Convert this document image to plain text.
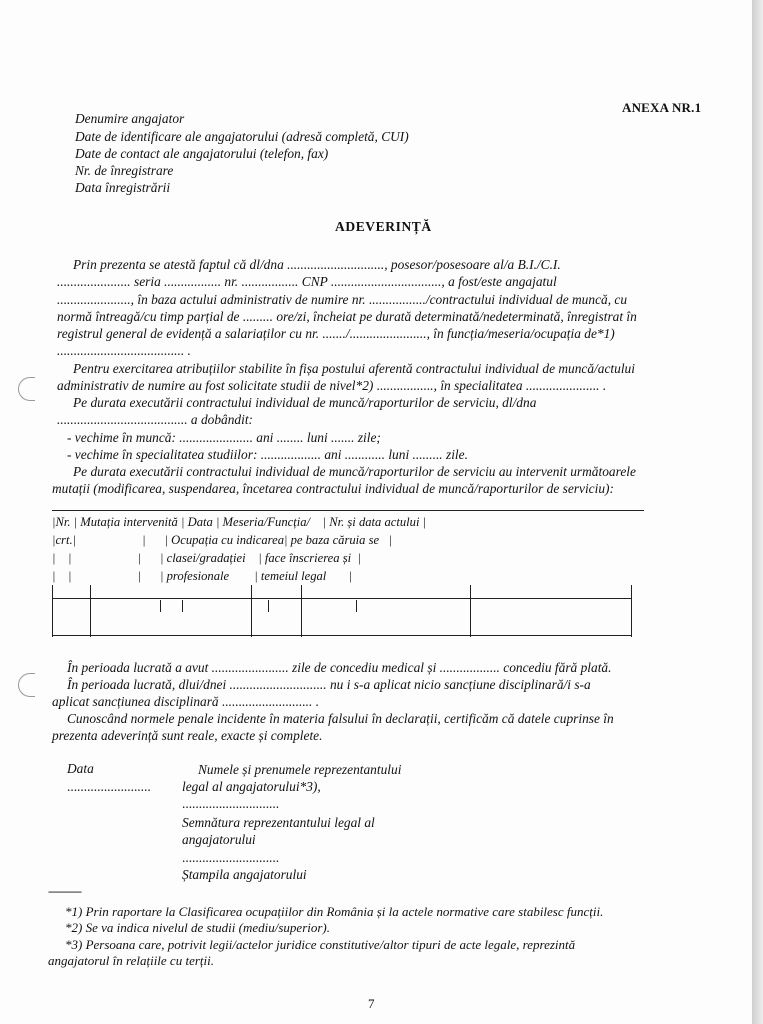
ANEXA NR.1
Denumire angajator
Date de identificare ale angajatorului (adresă completă, CUI)
Date de contact ale angajatorului (telefon, fax)
Nr. de înregistrare
Data înregistrării
ADEVERINȚĂ
Prin prezenta se atestă faptul că dl/dna ............................., posesor/posesoare al/a B.I./C.I.
...................... seria ................. nr. ................. CNP ................................., a fost/este angajatul
......................, în baza actului administrativ de numire nr. ................./contractului individual de muncă, cu
normă întreagă/cu timp parțial de ......... ore/zi, încheiat pe durată determinată/nedeterminată, înregistrat în
registrul general de evidență a salariaților cu nr. ......./......................., în funcția/meseria/ocupația de*1)
...................................... .
Pentru exercitarea atribuțiilor stabilite în fișa postului aferentă contractului individual de muncă/actului
administrativ de numire au fost solicitate studii de nivel*2) ................., în specialitatea ...................... .
Pe durata executării contractului individual de muncă/raporturilor de serviciu, dl/dna
....................................... a dobândit:
- vechime în muncă: ...................... ani ........ luni ....... zile;
- vechime în specialitatea studiilor: .................. ani ............ luni ......... zile.
Pe durata executării contractului individual de muncă/raporturilor de serviciu au intervenit următoarele
mutații (modificarea, suspendarea, încetarea contractului individual de muncă/raporturilor de serviciu):
|Nr. | Mutația intervenită | Data | Meseria/Funcția/    | Nr. și data actului |
|crt.|                     |      | Ocupația cu indicarea| pe baza căruia se   |
|    |                     |      | clasei/gradației    | face înscrierea și  |
|    |                     |      | profesionale        | temeiul legal       |
În perioada lucrată a avut ....................... zile de concediu medical și .................. concediu fără plată.
În perioada lucrată, dlui/dnei ............................. nu i s-a aplicat nicio sancțiune disciplinară/i s-a
aplicat sancțiunea disciplinară ........................... .
Cunoscând normele penale incidente în materia falsului în declarații, certificăm că datele cuprinse în
prezenta adeverință sunt reale, exacte și complete.
Data
.........................
Numele și prenumele reprezentantului
legal al angajatorului*3),
.............................
Semnătura reprezentantului legal al
angajatorului
.............................
Ștampila angajatorului
-----------
*1) Prin raportare la Clasificarea ocupațiilor din România și la actele normative care stabilesc funcții.
*2) Se va indica nivelul de studii (mediu/superior).
*3) Persoana care, potrivit legii/actelor juridice constitutive/altor tipuri de acte legale, reprezintă
angajatorul în relațiile cu terții.
7
